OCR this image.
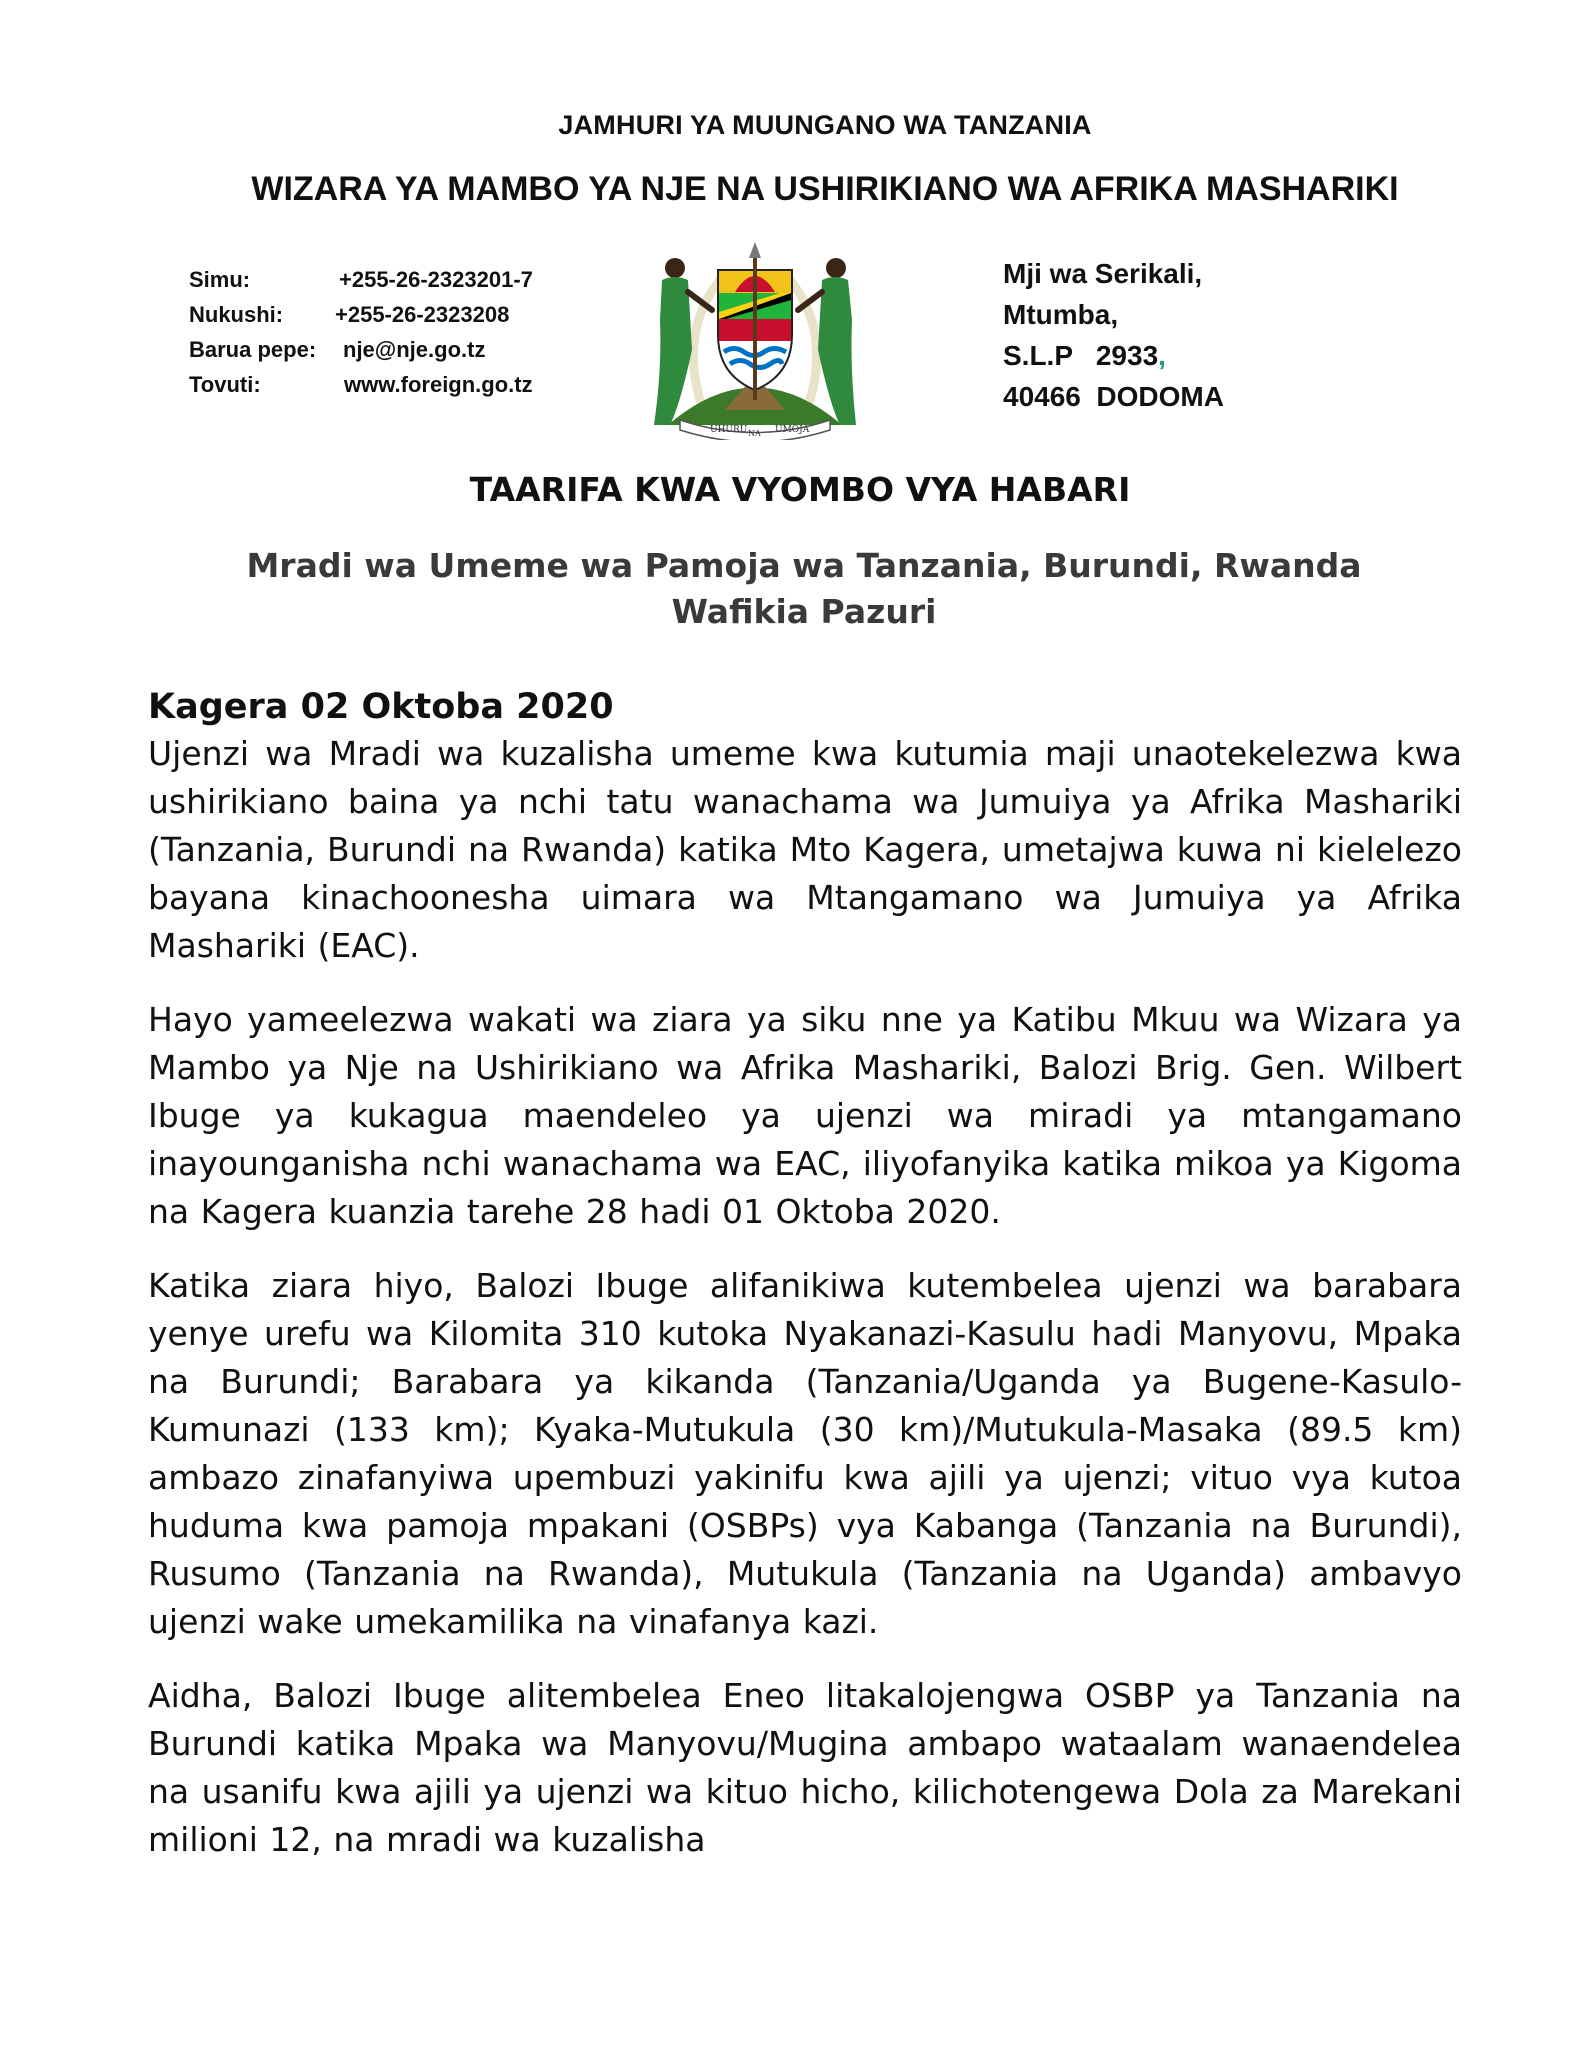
JAMHURI YA MUUNGANO WA TANZANIA
WIZARA YA MAMBO YA NJE NA USHIRIKIANO WA AFRIKA MASHARIKI
Simu:	+255-26-2323201-7
Nukushi: +255-26-2323208
Barua pepe: nje@nje.go.tz
Tovuti:	www.foreign.go.tz
UHURU NA UMOJA
Mji wa Serikali,
Mtumba,
S.L.P   2933,
40466  DODOMA
TAARIFA KWA VYOMBO VYA HABARI
Mradi wa Umeme wa Pamoja wa Tanzania, Burundi, Rwanda
Wafikia Pazuri
Kagera 02 Oktoba 2020

Ujenzi wa Mradi wa kuzalisha umeme kwa kutumia maji unaotekelezwa kwa ushirikiano baina ya nchi tatu wanachama wa Jumuiya ya Afrika Mashariki (Tanzania, Burundi na Rwanda) katika Mto Kagera, umetajwa kuwa ni kielelezo bayana kinachoonesha uimara wa Mtangamano wa Jumuiya ya Afrika Mashariki (EAC).

Hayo yameelezwa wakati wa ziara ya siku nne ya Katibu Mkuu wa Wizara ya Mambo ya Nje na Ushirikiano wa Afrika Mashariki, Balozi Brig. Gen. Wilbert Ibuge ya kukagua maendeleo ya ujenzi wa miradi ya mtangamano inayounganisha nchi wanachama wa EAC, iliyofanyika katika mikoa ya Kigoma na Kagera kuanzia tarehe 28 hadi 01 Oktoba 2020.

Katika ziara hiyo, Balozi Ibuge alifanikiwa kutembelea ujenzi wa barabara yenye urefu wa Kilomita 310 kutoka Nyakanazi-Kasulu hadi Manyovu, Mpaka na Burundi; Barabara ya kikanda (Tanzania/Uganda ya Bugene-Kasulo-Kumunazi (133 km); Kyaka-Mutukula (30 km)/Mutukula-Masaka (89.5 km) ambazo zinafanyiwa upembuzi yakinifu kwa ajili ya ujenzi; vituo vya kutoa huduma kwa pamoja mpakani (OSBPs) vya Kabanga (Tanzania na Burundi), Rusumo (Tanzania na Rwanda), Mutukula (Tanzania na Uganda) ambavyo ujenzi wake umekamilika na vinafanya kazi.

Aidha, Balozi Ibuge alitembelea Eneo litakalojengwa OSBP ya Tanzania na Burundi katika Mpaka wa Manyovu/Mugina ambapo wataalam wanaendelea na usanifu kwa ajili ya ujenzi wa kituo hicho, kilichotengewa Dola za Marekani milioni 12, na mradi wa kuzalisha
